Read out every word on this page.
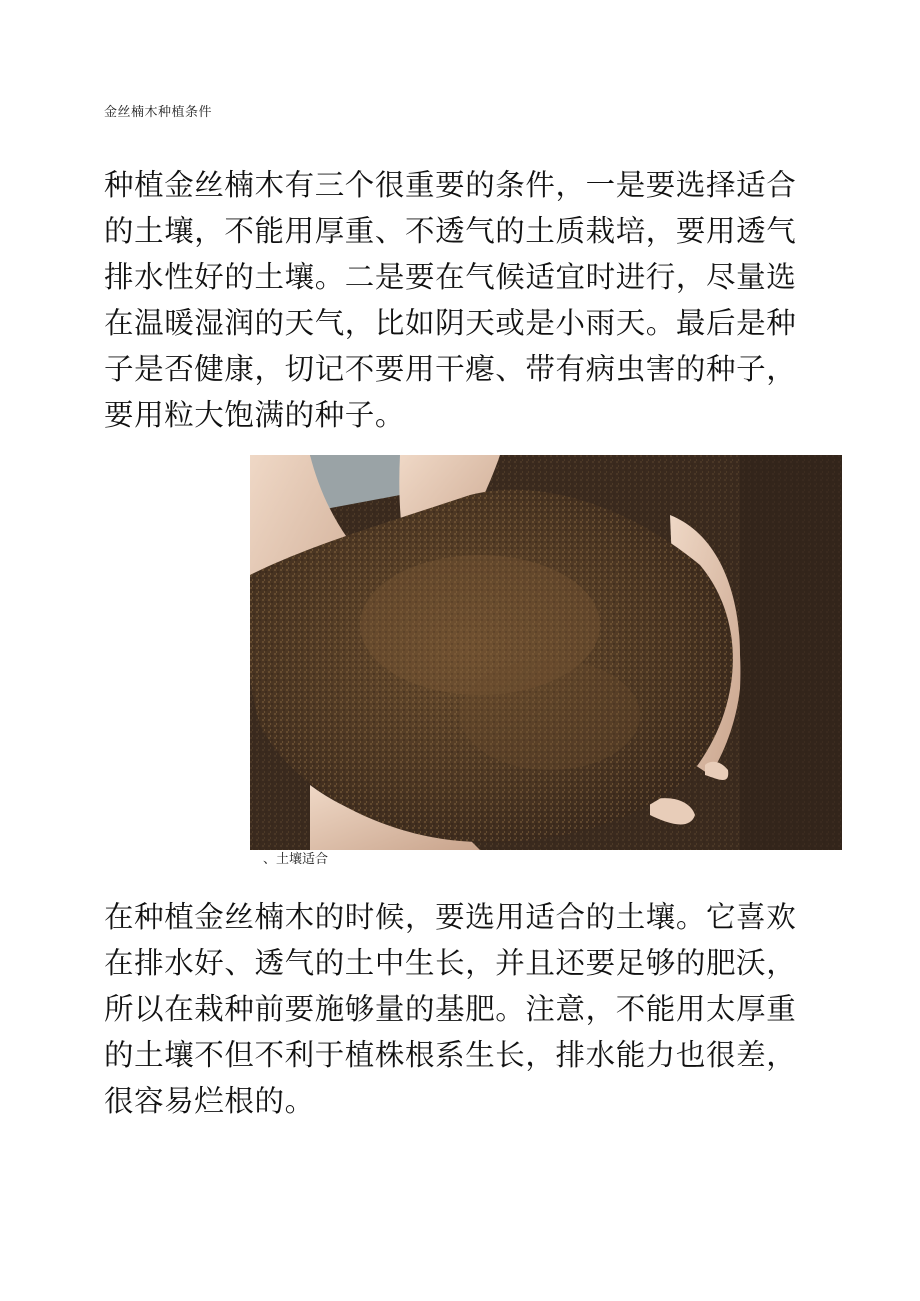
金丝楠木种植条件

种植金丝楠木有三个很重要的条件，一是要选择适合的土壤，不能用厚重、不透气的土质栽培，要用透气排水性好的土壤。二是要在气候适宜时进行，尽量选在温暖湿润的天气，比如阴天或是小雨天。最后是种子是否健康，切记不要用干瘪、带有病虫害的种子，要用粒大饱满的种子。

、土壤适合

在种植金丝楠木的时候，要选用适合的土壤。它喜欢在排水好、透气的土中生长，并且还要足够的肥沃，所以在栽种前要施够量的基肥。注意，不能用太厚重的土壤不但不利于植株根系生长，排水能力也很差，很容易烂根的。
